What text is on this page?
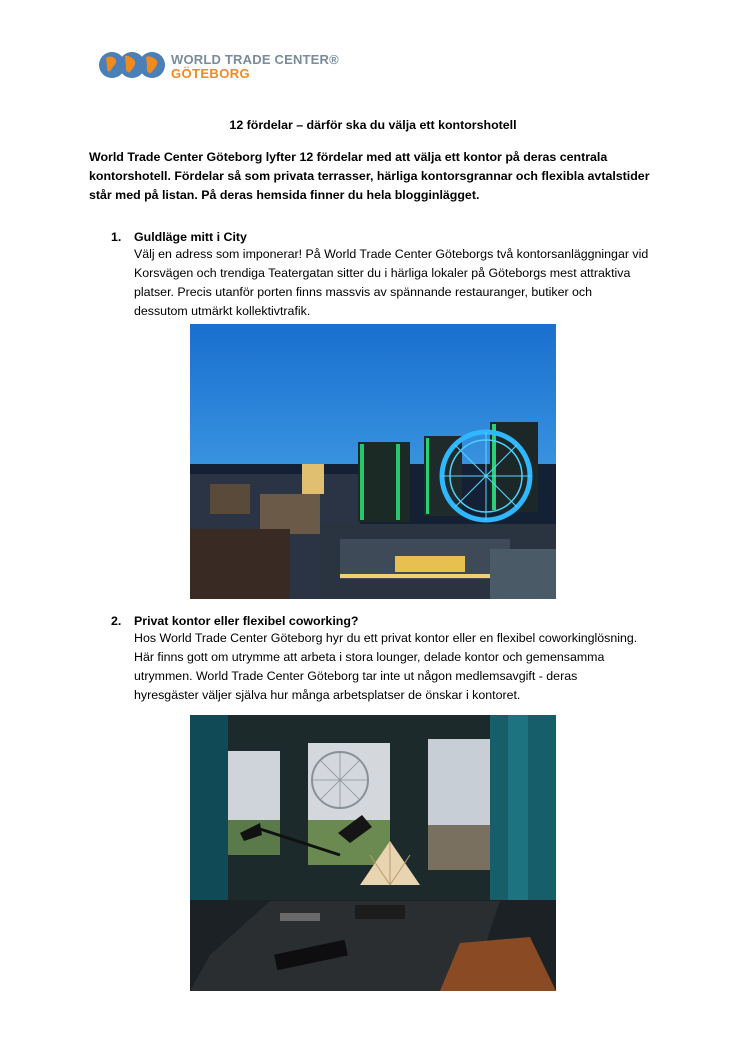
WORLD TRADE CENTER®
GÖTEBORG
12 fördelar – därför ska du välja ett kontorshotell
World Trade Center Göteborg lyfter 12 fördelar med att välja ett kontor på deras centrala
kontorshotell. Fördelar så som privata terrasser, härliga kontorsgrannar och flexibla avtalstider
står med på listan. På deras hemsida finner du hela blogginlägget.
1. Guldläge mitt i City
Välj en adress som imponerar! På World Trade Center Göteborgs två kontorsanläggningar vid
Korsvägen och trendiga Teatergatan sitter du i härliga lokaler på Göteborgs mest attraktiva
platser. Precis utanför porten finns massvis av spännande restauranger, butiker och
dessutom utmärkt kollektivtrafik.
2. Privat kontor eller flexibel coworking?
Hos World Trade Center Göteborg hyr du ett privat kontor eller en flexibel coworkinglösning.
Här finns gott om utrymme att arbeta i stora lounger, delade kontor och gemensamma
utrymmen. World Trade Center Göteborg tar inte ut någon medlemsavgift - deras
hyresgäster väljer själva hur många arbetsplatser de önskar i kontoret.
